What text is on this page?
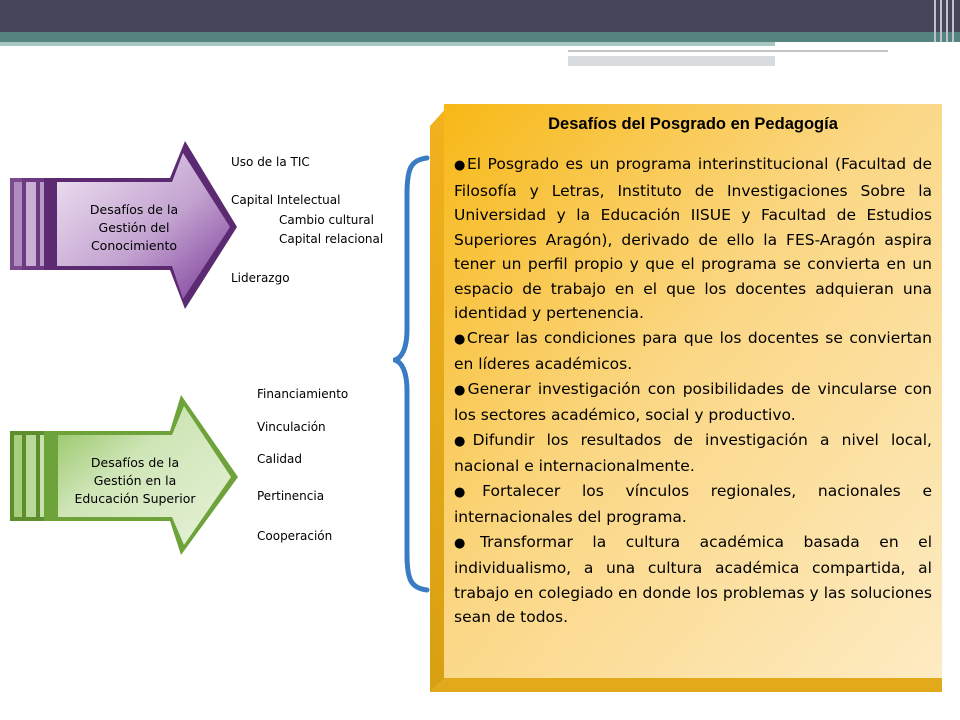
Desafíos de la Gestión del Conocimiento
Uso de la TIC
Capital Intelectual
Cambio cultural
Capital relacional
Liderazgo
Desafíos de la Gestión en la Educación Superior
Financiamiento
Vinculación
Calidad
Pertinencia
Cooperación
Desafíos del Posgrado en Pedagogía

●El Posgrado es un programa interinstitucional (Facultad de Filosofía y Letras, Instituto de Investigaciones Sobre la Universidad y la Educación IISUE y Facultad de Estudios Superiores Aragón), derivado de ello la FES-Aragón aspira tener un perfil propio y que el programa se convierta en un espacio de trabajo en el que los docentes adquieran una identidad y pertenencia.

●Crear las condiciones para que los docentes se conviertan en líderes académicos.

●Generar investigación con posibilidades de vincularse con los sectores académico, social y productivo.

●Difundir los resultados de investigación a nivel local, nacional e internacionalmente.

●Fortalecer los vínculos regionales, nacionales e internacionales del programa.

●Transformar la cultura académica basada en el individualismo, a una cultura académica compartida, al trabajo en colegiado en donde los problemas y las soluciones sean de todos.
